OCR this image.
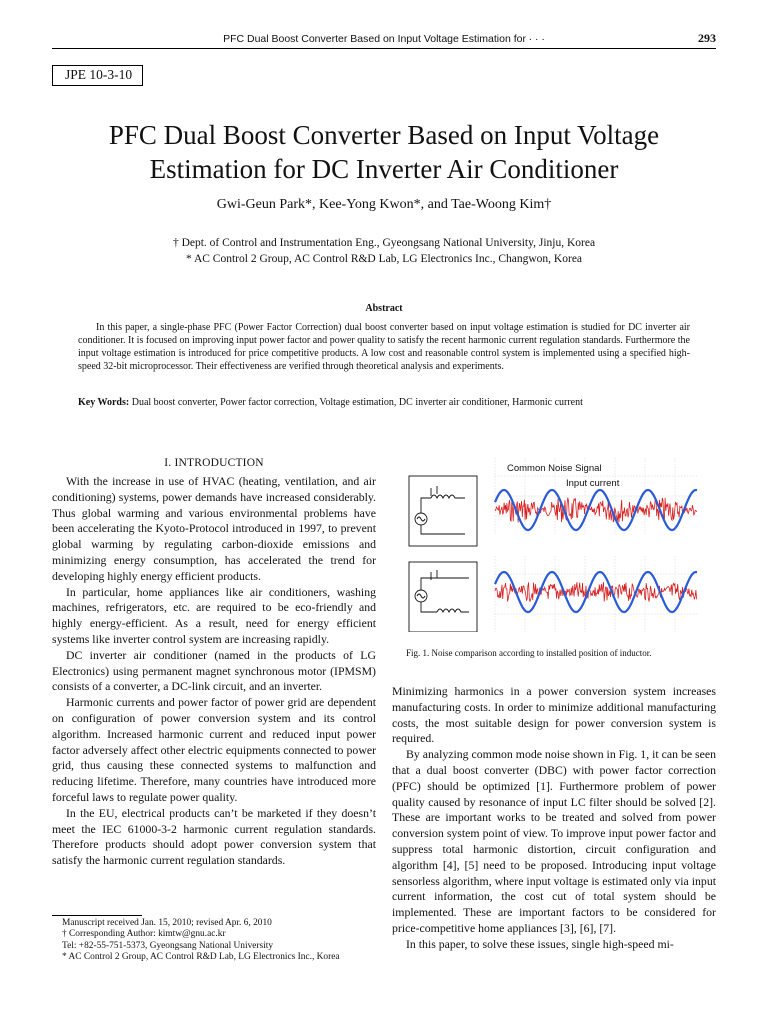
PFC Dual Boost Converter Based on Input Voltage Estimation for · · ·	293
JPE 10-3-10
PFC Dual Boost Converter Based on Input Voltage
Estimation for DC Inverter Air Conditioner
Gwi-Geun Park*, Kee-Yong Kwon*, and Tae-Woong Kim†
† Dept. of Control and Instrumentation Eng., Gyeongsang National University, Jinju, Korea
* AC Control 2 Group, AC Control R&D Lab, LG Electronics Inc., Changwon, Korea
Abstract
In this paper, a single-phase PFC (Power Factor Correction) dual boost converter based on input voltage estimation is studied for DC inverter air conditioner. It is focused on improving input power factor and power quality to satisfy the recent harmonic current regulation standards. Furthermore the input voltage estimation is introduced for price competitive products. A low cost and reasonable control system is implemented using a specified high-speed 32-bit microprocessor. Their effectiveness are verified through theoretical analysis and experiments.
Key Words: Dual boost converter, Power factor correction, Voltage estimation, DC inverter air conditioner, Harmonic current
I. INTRODUCTION

With the increase in use of HVAC (heating, ventilation, and air conditioning) systems, power demands have increased considerably. Thus global warming and various environmental problems have been accelerating the Kyoto-Protocol introduced in 1997, to prevent global warming by regulating carbon-dioxide emissions and minimizing energy consumption, has accelerated the trend for developing highly energy efficient products.

In particular, home appliances like air conditioners, washing machines, refrigerators, etc. are required to be eco-friendly and highly energy-efficient. As a result, need for energy efficient systems like inverter control system are increasing rapidly.

DC inverter air conditioner (named in the products of LG Electronics) using permanent magnet synchronous motor (IPMSM) consists of a converter, a DC-link circuit, and an inverter.

Harmonic currents and power factor of power grid are dependent on configuration of power conversion system and its control algorithm. Increased harmonic current and reduced input power factor adversely affect other electric equipments connected to power grid, thus causing these connected systems to malfunction and reducing lifetime. Therefore, many countries have introduced more forceful laws to regulate power quality.

In the EU, electrical products can’t be marketed if they doesn’t meet the IEC 61000-3-2 harmonic current regulation standards. Therefore products should adopt power conversion system that satisfy the harmonic current regulation standards.

Manuscript received Jan. 15, 2010; revised Apr. 6, 2010
† Corresponding Author: kimtw@gnu.ac.kr
Tel: +82-55-751-5373, Gyeongsang National University
* AC Control 2 Group, AC Control R&D Lab, LG Electronics Inc., Korea
Common Noise Signal
Input current
Fig. 1. Noise comparison according to installed position of inductor.

Minimizing harmonics in a power conversion system increases manufacturing costs. In order to minimize additional manufacturing costs, the most suitable design for power conversion system is required.

By analyzing common mode noise shown in Fig. 1, it can be seen that a dual boost converter (DBC) with power factor correction (PFC) should be optimized [1]. Furthermore problem of power quality caused by resonance of input LC filter should be solved [2]. These are important works to be treated and solved from power conversion system point of view. To improve input power factor and suppress total harmonic distortion, circuit configuration and algorithm [4], [5] need to be proposed. Introducing input voltage sensorless algorithm, where input voltage is estimated only via input current information, the cost cut of total system should be implemented. These are important factors to be considered for price-competitive home appliances [3], [6], [7].

In this paper, to solve these issues, single high-speed mi-
